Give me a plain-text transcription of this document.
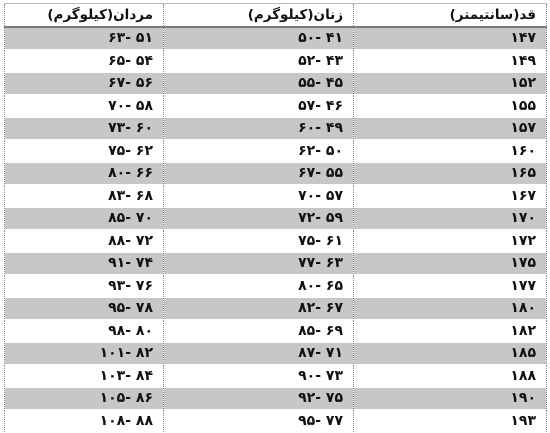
قد(سانتیمتر)	زنان(کیلوگرم)	مردان(کیلوگرم)
۱۴۷	۴۱ -۵۰	۵۱ -۶۳
۱۴۹	۴۳ -۵۲	۵۴ -۶۵
۱۵۲	۴۵ -۵۵	۵۶ -۶۷
۱۵۵	۴۶ -۵۷	۵۸ -۷۰
۱۵۷	۴۹ -۶۰	۶۰ -۷۳
۱۶۰	۵۰ -۶۲	۶۲ -۷۵
۱۶۵	۵۵ -۶۷	۶۶ -۸۰
۱۶۷	۵۷ -۷۰	۶۸ -۸۳
۱۷۰	۵۹ -۷۲	۷۰ -۸۵
۱۷۲	۶۱ -۷۵	۷۲ -۸۸
۱۷۵	۶۳ -۷۷	۷۴ -۹۱
۱۷۷	۶۵ -۸۰	۷۶ -۹۳
۱۸۰	۶۷ -۸۲	۷۸ -۹۵
۱۸۲	۶۹ -۸۵	۸۰ -۹۸
۱۸۵	۷۱ -۸۷	۸۲ -۱۰۱
۱۸۸	۷۳ -۹۰	۸۴ -۱۰۳
۱۹۰	۷۵ -۹۲	۸۶ -۱۰۵
۱۹۳	۷۷ -۹۵	۸۸ -۱۰۸
